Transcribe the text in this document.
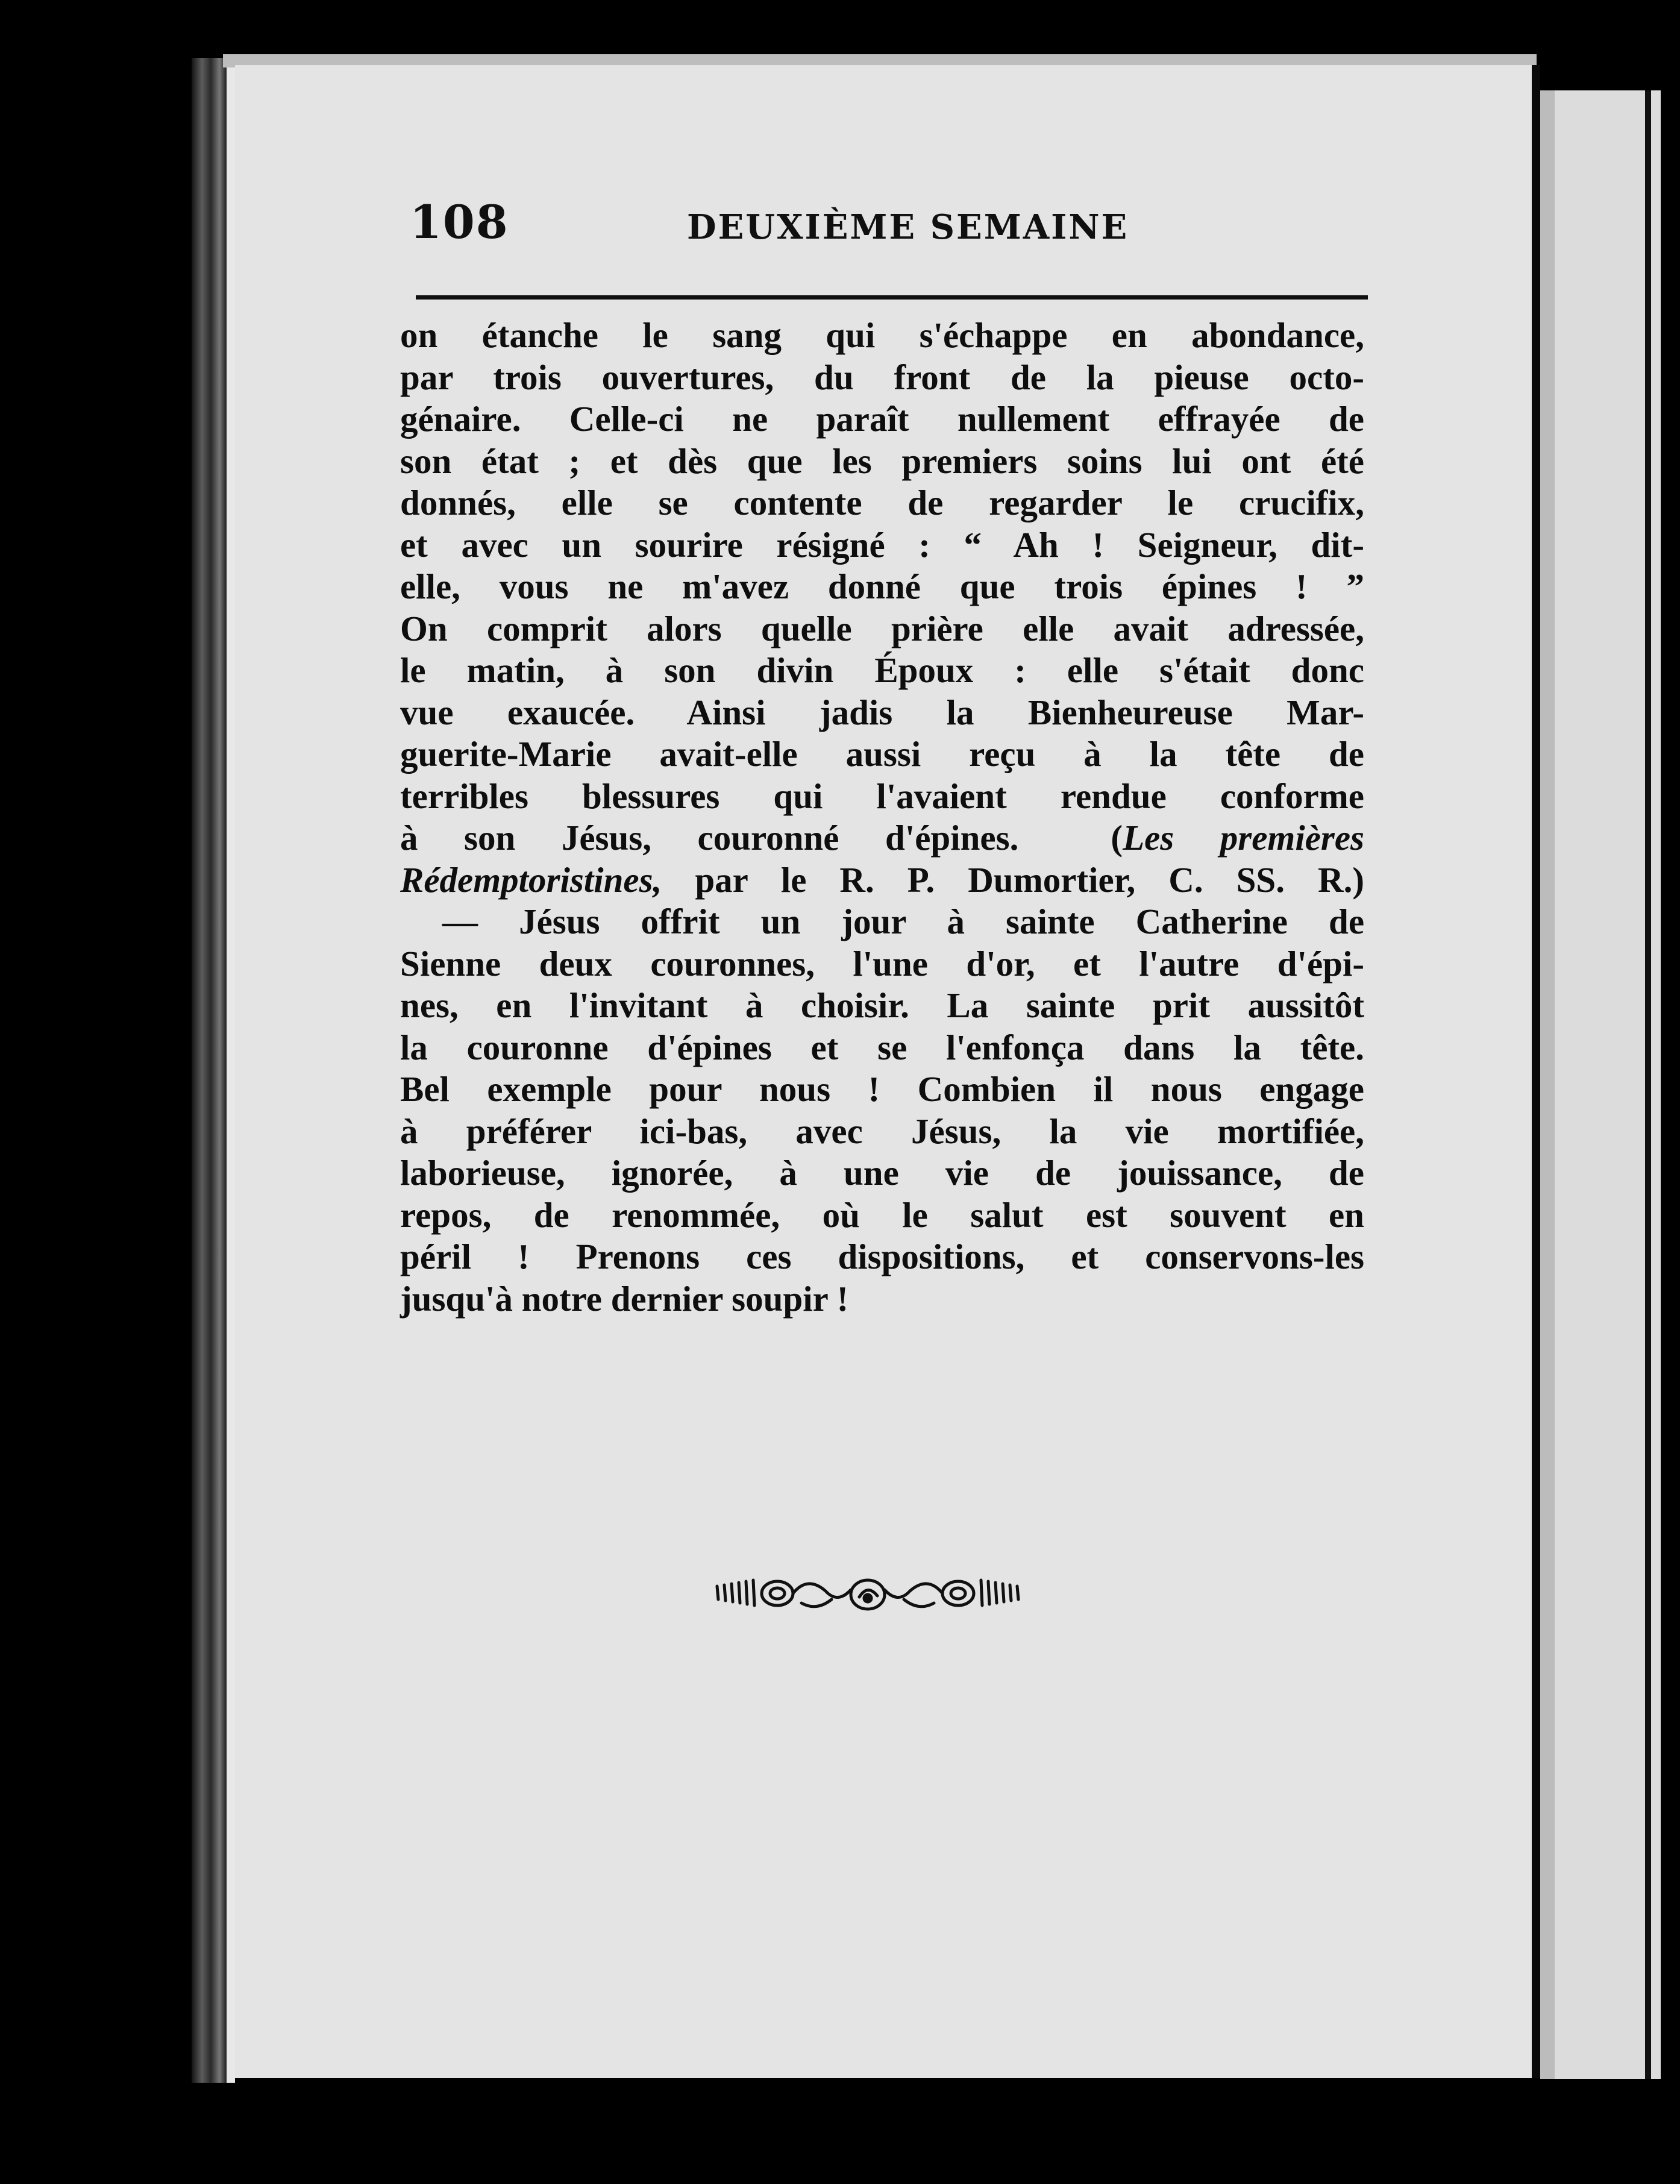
108	DEUXIÈME SEMAINE
on étanche le sang qui s'échappe en abondance,
par trois ouvertures, du front de la pieuse octo-
génaire. Celle-ci ne paraît nullement effrayée de
son état ; et dès que les premiers soins lui ont été
donnés, elle se contente de regarder le crucifix,
et avec un sourire résigné : “ Ah ! Seigneur, dit-
elle, vous ne m'avez donné que trois épines ! ”
On comprit alors quelle prière elle avait adressée,
le matin, à son divin Époux : elle s'était donc
vue exaucée. Ainsi jadis la Bienheureuse Mar-
guerite-Marie avait-elle aussi reçu à la tête de
terribles blessures qui l'avaient rendue conforme
à son Jésus, couronné d'épines.	(Les premières
Rédemptoristines, par le R. P. Dumortier, C. SS. R.)
— Jésus offrit un jour à sainte Catherine de
Sienne deux couronnes, l'une d'or, et l'autre d'épi-
nes, en l'invitant à choisir. La sainte prit aussitôt
la couronne d'épines et se l'enfonça dans la tête.
Bel exemple pour nous ! Combien il nous engage
à préférer ici-bas, avec Jésus, la vie mortifiée,
laborieuse, ignorée, à une vie de jouissance, de
repos, de renommée, où le salut est souvent en
péril ! Prenons ces dispositions, et conservons-les
jusqu'à notre dernier soupir !
